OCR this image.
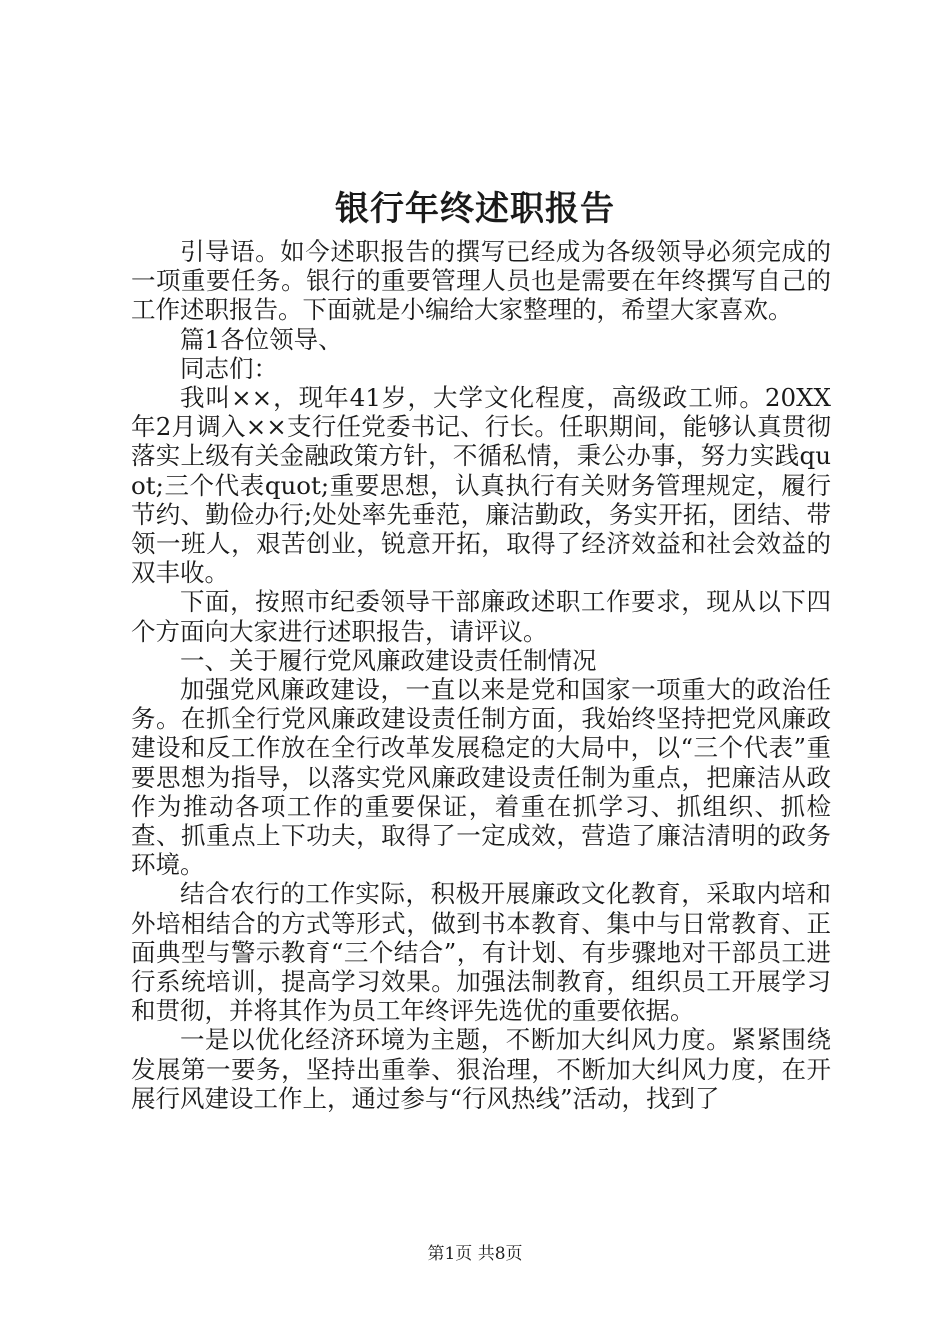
银行年终述职报告

引导语。如今述职报告的撰写已经成为各级领导必须完成的一项重要任务。银行的重要管理人员也是需要在年终撰写自己的工作述职报告。下面就是小编给大家整理的，希望大家喜欢。

篇1各位领导、

同志们：

我叫××，现年41岁，大学文化程度，高级政工师。20XX年2月调入××支行任党委书记、行长。任职期间，能够认真贯彻落实上级有关金融政策方针，不循私情，秉公办事，努力实践quot;三个代表quot;重要思想，认真执行有关财务管理规定，履行节约、勤俭办行;处处率先垂范，廉洁勤政，务实开拓，团结、带领一班人，艰苦创业，锐意开拓，取得了经济效益和社会效益的双丰收。

下面，按照市纪委领导干部廉政述职工作要求，现从以下四个方面向大家进行述职报告，请评议。

一、关于履行党风廉政建设责任制情况

加强党风廉政建设，一直以来是党和国家一项重大的政治任务。在抓全行党风廉政建设责任制方面，我始终坚持把党风廉政建设和反工作放在全行改革发展稳定的大局中，以“三个代表”重要思想为指导，以落实党风廉政建设责任制为重点，把廉洁从政作为推动各项工作的重要保证，着重在抓学习、抓组织、抓检查、抓重点上下功夫，取得了一定成效，营造了廉洁清明的政务环境。

结合农行的工作实际，积极开展廉政文化教育，采取内培和外培相结合的方式等形式，做到书本教育、集中与日常教育、正面典型与警示教育“三个结合”，有计划、有步骤地对干部员工进行系统培训，提高学习效果。加强法制教育，组织员工开展学习和贯彻，并将其作为员工年终评先选优的重要依据。

一是以优化经济环境为主题，不断加大纠风力度。紧紧围绕发展第一要务，坚持出重拳、狠治理，不断加大纠风力度，在开展行风建设工作上，通过参与“行风热线”活动，找到了

第1页 共8页
